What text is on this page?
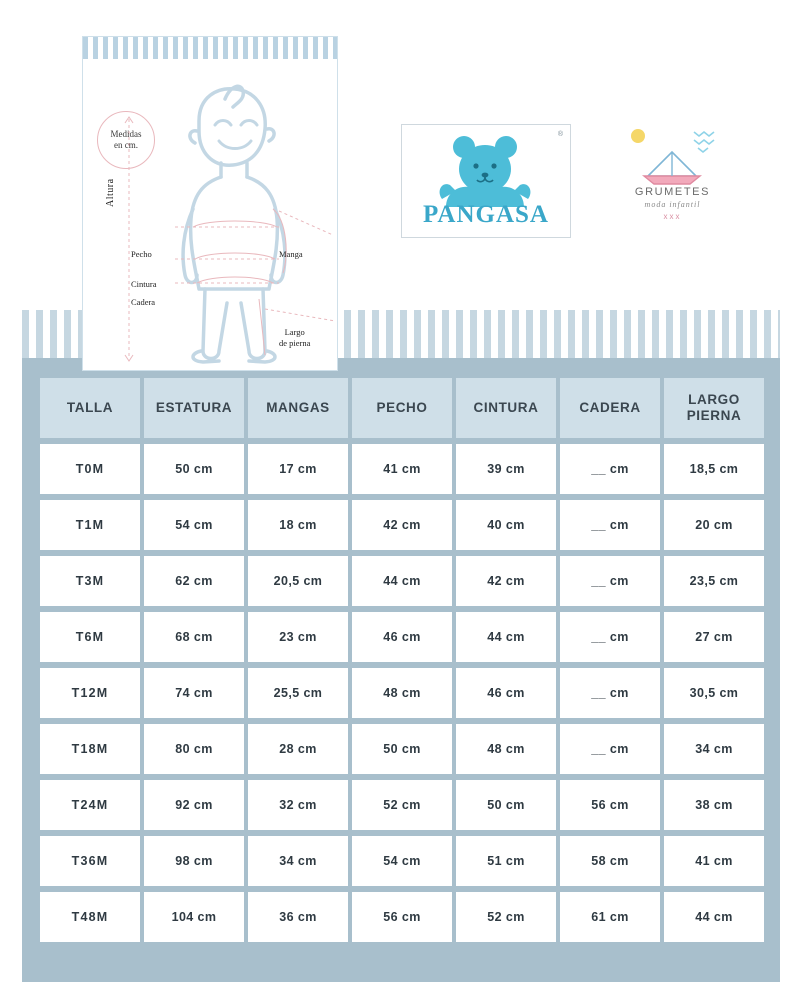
Medidas
en cm.
Altura
Pecho
Cintura
Cadera
Manga
Largo
de pierna
®
PANGASA
GRUMETES
moda infantil
xxx
TALLA	ESTATURA	MANGAS	PECHO	CINTURA	CADERA	LARGO PIERNA
T0M	50 cm	17 cm	41 cm	39 cm	__ cm	18,5 cm
T1M	54 cm	18 cm	42 cm	40 cm	__ cm	20 cm
T3M	62 cm	20,5 cm	44 cm	42 cm	__ cm	23,5 cm
T6M	68 cm	23 cm	46 cm	44 cm	__ cm	27 cm
T12M	74 cm	25,5 cm	48 cm	46 cm	__ cm	30,5 cm
T18M	80 cm	28 cm	50 cm	48 cm	__ cm	34 cm
T24M	92 cm	32 cm	52 cm	50 cm	56 cm	38 cm
T36M	98 cm	34 cm	54 cm	51 cm	58 cm	41 cm
T48M	104 cm	36 cm	56 cm	52 cm	61 cm	44 cm
